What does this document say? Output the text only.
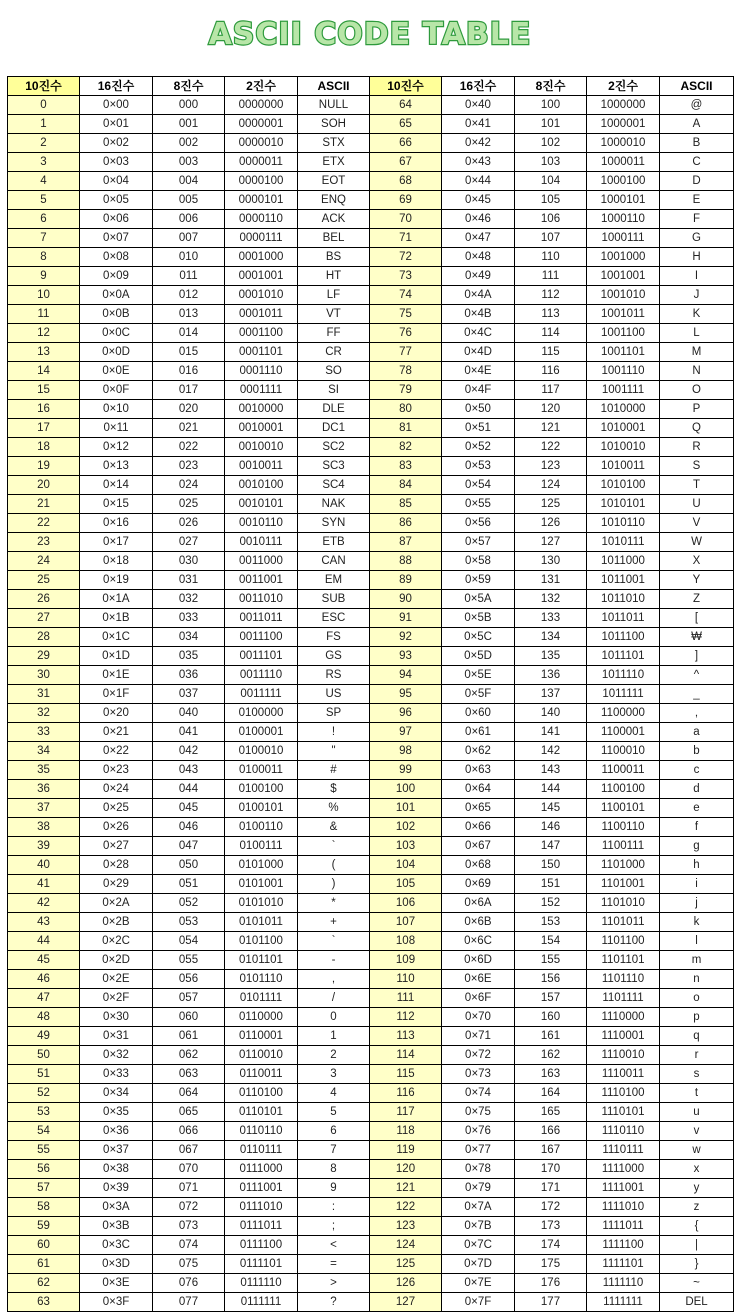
ASCII CODE TABLE
10진수	16진수	8진수	2진수	ASCII	10진수	16진수	8진수	2진수	ASCII
0	0×00	000	0000000	NULL	64	0×40	100	1000000	@
1	0×01	001	0000001	SOH	65	0×41	101	1000001	A
2	0×02	002	0000010	STX	66	0×42	102	1000010	B
3	0×03	003	0000011	ETX	67	0×43	103	1000011	C
4	0×04	004	0000100	EOT	68	0×44	104	1000100	D
5	0×05	005	0000101	ENQ	69	0×45	105	1000101	E
6	0×06	006	0000110	ACK	70	0×46	106	1000110	F
7	0×07	007	0000111	BEL	71	0×47	107	1000111	G
8	0×08	010	0001000	BS	72	0×48	110	1001000	H
9	0×09	011	0001001	HT	73	0×49	111	1001001	I
10	0×0A	012	0001010	LF	74	0×4A	112	1001010	J
11	0×0B	013	0001011	VT	75	0×4B	113	1001011	K
12	0×0C	014	0001100	FF	76	0×4C	114	1001100	L
13	0×0D	015	0001101	CR	77	0×4D	115	1001101	M
14	0×0E	016	0001110	SO	78	0×4E	116	1001110	N
15	0×0F	017	0001111	SI	79	0×4F	117	1001111	O
16	0×10	020	0010000	DLE	80	0×50	120	1010000	P
17	0×11	021	0010001	DC1	81	0×51	121	1010001	Q
18	0×12	022	0010010	SC2	82	0×52	122	1010010	R
19	0×13	023	0010011	SC3	83	0×53	123	1010011	S
20	0×14	024	0010100	SC4	84	0×54	124	1010100	T
21	0×15	025	0010101	NAK	85	0×55	125	1010101	U
22	0×16	026	0010110	SYN	86	0×56	126	1010110	V
23	0×17	027	0010111	ETB	87	0×57	127	1010111	W
24	0×18	030	0011000	CAN	88	0×58	130	1011000	X
25	0×19	031	0011001	EM	89	0×59	131	1011001	Y
26	0×1A	032	0011010	SUB	90	0×5A	132	1011010	Z
27	0×1B	033	0011011	ESC	91	0×5B	133	1011011	[
28	0×1C	034	0011100	FS	92	0×5C	134	1011100	₩
29	0×1D	035	0011101	GS	93	0×5D	135	1011101	]
30	0×1E	036	0011110	RS	94	0×5E	136	1011110	^
31	0×1F	037	0011111	US	95	0×5F	137	1011111	_
32	0×20	040	0100000	SP	96	0×60	140	1100000	,
33	0×21	041	0100001	!	97	0×61	141	1100001	a
34	0×22	042	0100010	"	98	0×62	142	1100010	b
35	0×23	043	0100011	#	99	0×63	143	1100011	c
36	0×24	044	0100100	$	100	0×64	144	1100100	d
37	0×25	045	0100101	%	101	0×65	145	1100101	e
38	0×26	046	0100110	&	102	0×66	146	1100110	f
39	0×27	047	0100111	`	103	0×67	147	1100111	g
40	0×28	050	0101000	(	104	0×68	150	1101000	h
41	0×29	051	0101001	)	105	0×69	151	1101001	i
42	0×2A	052	0101010	*	106	0×6A	152	1101010	j
43	0×2B	053	0101011	+	107	0×6B	153	1101011	k
44	0×2C	054	0101100	`	108	0×6C	154	1101100	l
45	0×2D	055	0101101	-	109	0×6D	155	1101101	m
46	0×2E	056	0101110	,	110	0×6E	156	1101110	n
47	0×2F	057	0101111	/	111	0×6F	157	1101111	o
48	0×30	060	0110000	0	112	0×70	160	1110000	p
49	0×31	061	0110001	1	113	0×71	161	1110001	q
50	0×32	062	0110010	2	114	0×72	162	1110010	r
51	0×33	063	0110011	3	115	0×73	163	1110011	s
52	0×34	064	0110100	4	116	0×74	164	1110100	t
53	0×35	065	0110101	5	117	0×75	165	1110101	u
54	0×36	066	0110110	6	118	0×76	166	1110110	v
55	0×37	067	0110111	7	119	0×77	167	1110111	w
56	0×38	070	0111000	8	120	0×78	170	1111000	x
57	0×39	071	0111001	9	121	0×79	171	1111001	y
58	0×3A	072	0111010	:	122	0×7A	172	1111010	z
59	0×3B	073	0111011	;	123	0×7B	173	1111011	{
60	0×3C	074	0111100	<	124	0×7C	174	1111100	|
61	0×3D	075	0111101	=	125	0×7D	175	1111101	}
62	0×3E	076	0111110	>	126	0×7E	176	1111110	~
63	0×3F	077	0111111	?	127	0×7F	177	1111111	DEL
